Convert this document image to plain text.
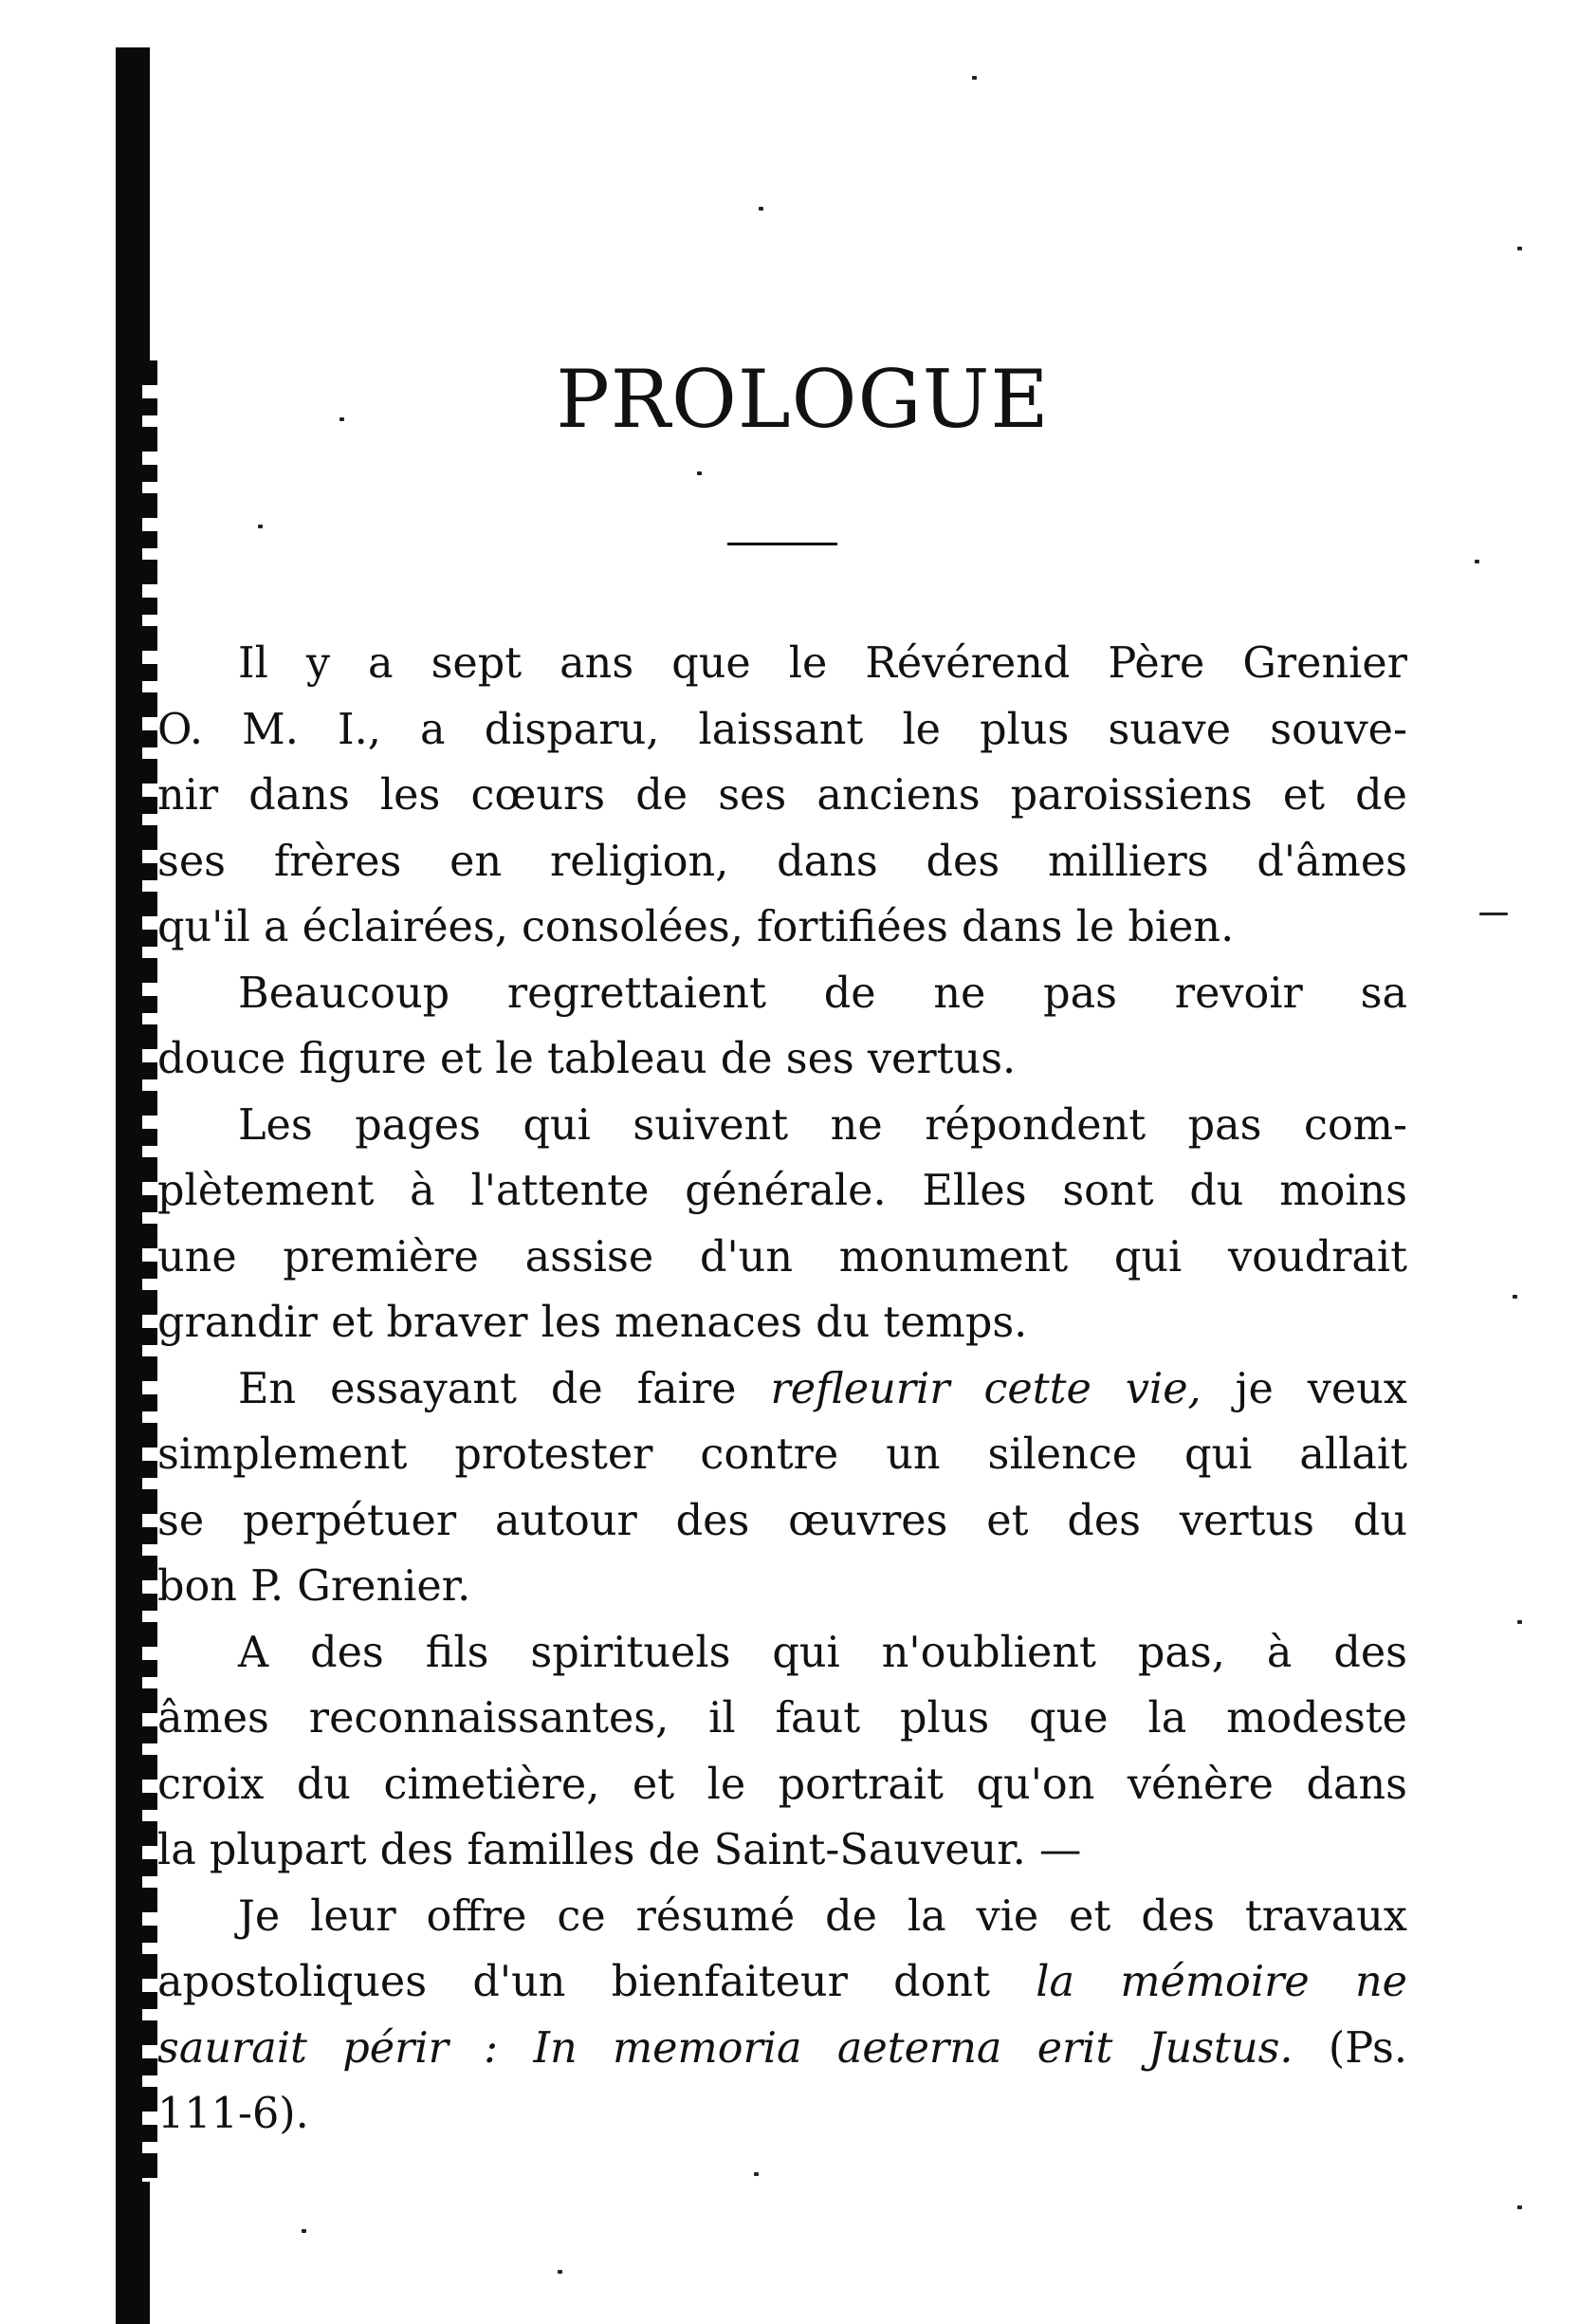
PROLOGUE
Il y a sept ans que le Révérend Père Grenier
O. M. I., a disparu, laissant le plus suave souve-
nir dans les cœurs de ses anciens paroissiens et de
ses frères en religion, dans des milliers d'âmes
qu'il a éclairées, consolées, fortifiées dans le bien.
Beaucoup regrettaient de ne pas revoir sa
douce figure et le tableau de ses vertus.
Les pages qui suivent ne répondent pas com-
plètement à l'attente générale. Elles sont du moins
une première assise d'un monument qui voudrait
grandir et braver les menaces du temps.
En essayant de faire refleurir cette vie, je veux
simplement protester contre un silence qui allait
se perpétuer autour des œuvres et des vertus du
bon P. Grenier.
A des fils spirituels qui n'oublient pas, à des
âmes reconnaissantes, il faut plus que la modeste
croix du cimetière, et le portrait qu'on vénère dans
la plupart des familles de Saint-Sauveur. —
Je leur offre ce résumé de la vie et des travaux
apostoliques d'un bienfaiteur dont la mémoire ne
saurait périr : In memoria aeterna erit Justus. (Ps.
111-6).
